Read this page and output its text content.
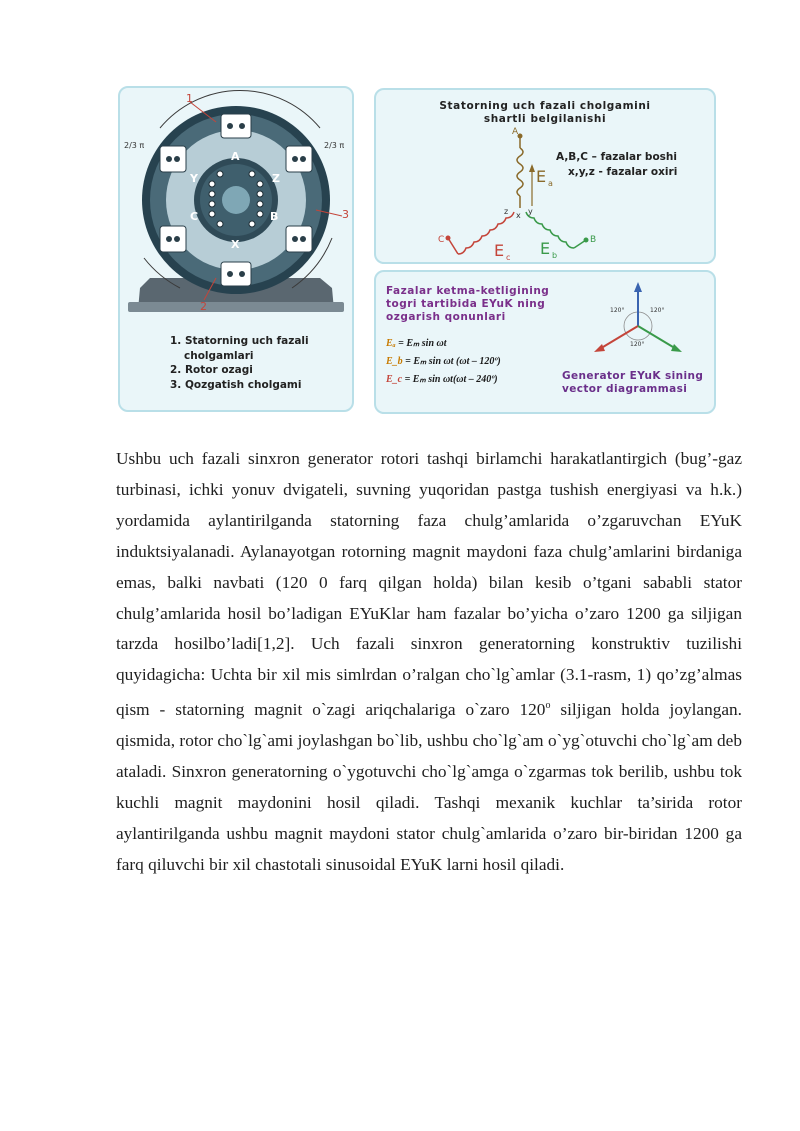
1
2
3
A
X
B
C
Y	Z
2/3 π	2/3 π
1. Statorning uch fazali
cholgamlari
2. Rotor ozagi
3. Qozgatish cholgami
Statorning uch fazali cholgamini
shartli belgilanishi
A
x
z y
C	B
E a
E b
E c
A,B,C – fazalar boshi
x,y,z - fazalar oxiri
Fazalar ketma-ketligining
togri tartibida EYuK ning
ozgarish qonunlari
Eₐ = Eₘ sin ωt
E_b = Eₘ sin ωt (ωt – 120º)
E_c = Eₘ sin ωt(ωt – 240º)
120°	120°
120°
Generator EYuK sining
vector diagrammasi

Ushbu uch fazali sinxron generator rotori tashqi birlamchi harakatlantirgich (bug’-gaz turbinasi, ichki yonuv dvigateli, suvning yuqoridan pastga tushish energiyasi va h.k.) yordamida aylantirilganda statorning faza chulg’amlarida o’zgaruvchan EYuK induktsiyalanadi. Aylanayotgan rotorning magnit maydoni faza chulg’amlarini birdaniga emas, balki navbati (120 0 farq qilgan holda) bilan kesib o’tgani sababli stator chulg’amlarida hosil bo’ladigan EYuKlar ham fazalar bo’yicha o’zaro 1200 ga siljigan tarzda hosilbo’ladi[1,2]. Uch fazali sinxron generatorning konstruktiv tuzilishi quyidagicha: Uchta bir xil mis simlrdan o’ralgan cho`lg`amlar (3.1-rasm, 1) qo’zg’almas qism - statorning magnit o`zagi ariqchalariga o`zaro 120$^o$ siljigan holda joylangan. qismida, rotor cho`lg`ami joylashgan bo`lib, ushbu cho`lg`am o`yg`otuvchi cho`lg`am deb ataladi. Sinxron generatorning o`ygotuvchi cho`lg`amga o`zgarmas tok berilib, ushbu tok kuchli magnit maydonini hosil qiladi. Tashqi mexanik kuchlar ta’sirida rotor aylantirilganda ushbu magnit maydoni stator chulg`amlarida o’zaro bir-biridan 1200 ga farq qiluvchi bir xil chastotali sinusoidal EYuK larni hosil qiladi.
